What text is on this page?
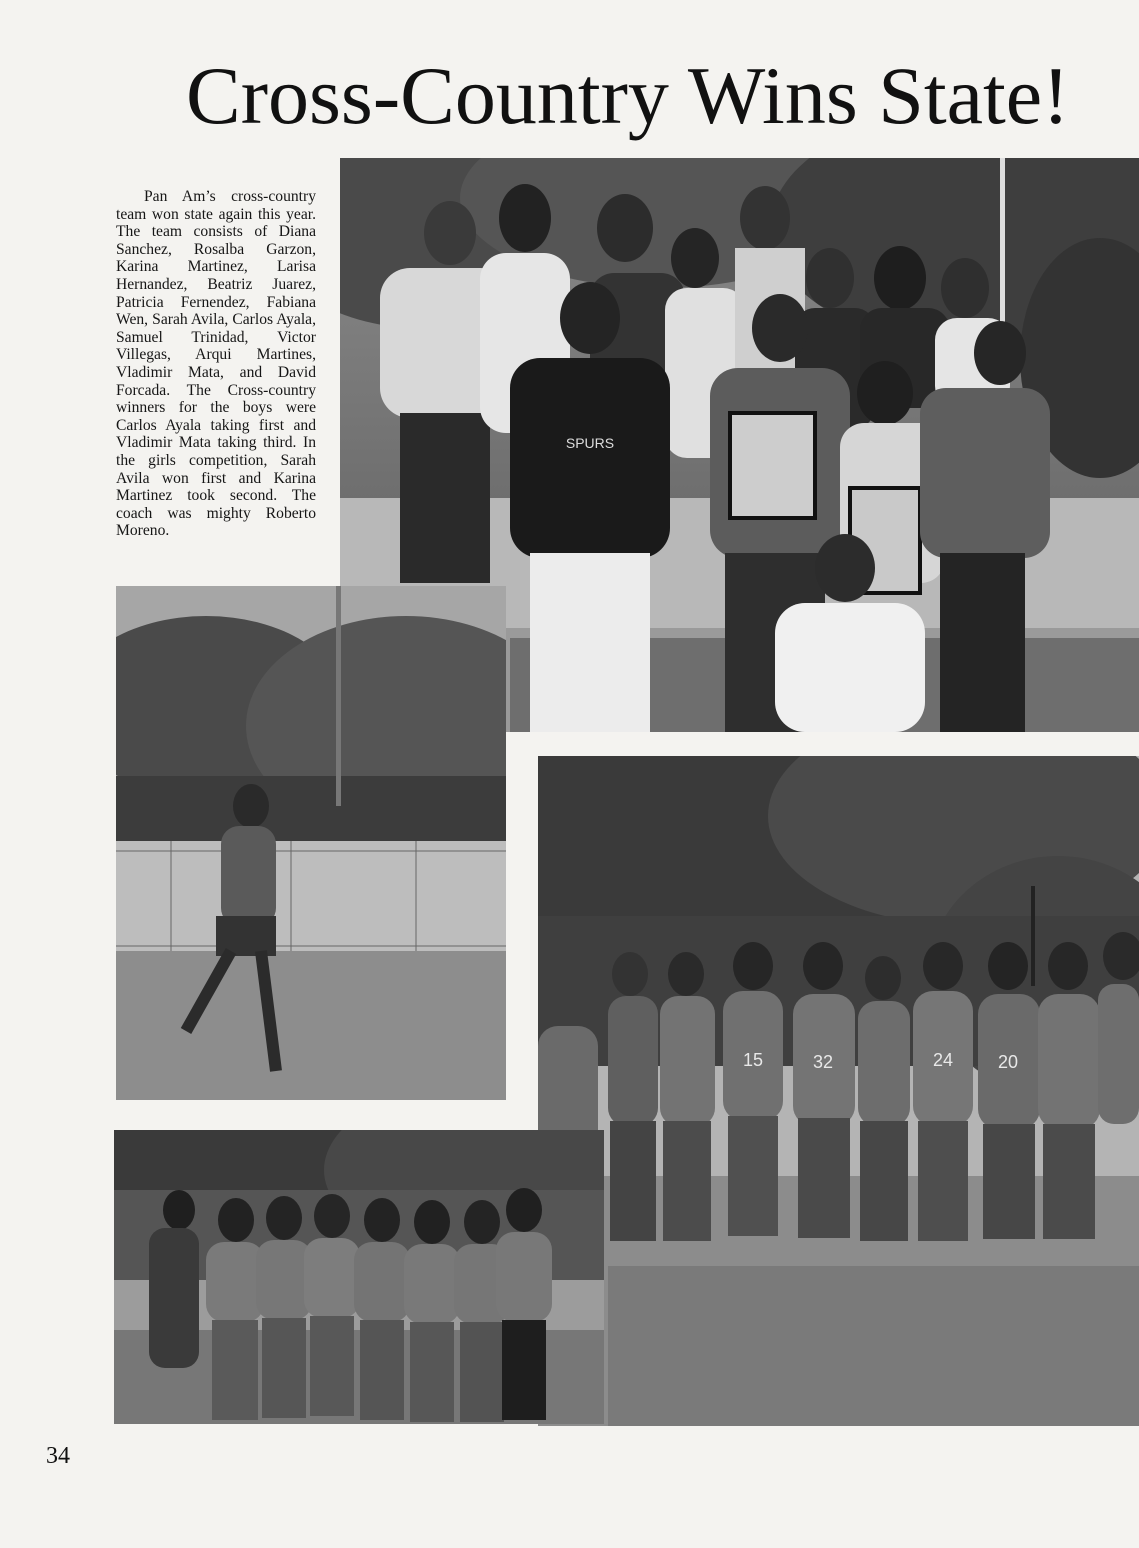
Cross-Country Wins State!
Pan Am’s cross-country team won state again this year. The team consists of Diana Sanchez, Rosalba Garzon, Karina Martinez, Larisa Hernandez, Beatriz Juarez, Patricia Fernendez, Fabiana Wen, Sarah Avila, Carlos Ayala, Samuel Trinidad, Victor Villegas, Arqui Martines, Vladimir Mata, and David Forcada. The Cross-country winners for the boys were Carlos Ayala taking first and Vladimir Mata taking third. In the girls competition, Sarah Avila won first and Karina Martinez took second. The coach was mighty Roberto Moreno.
SPURS
15	32	24 20
34
